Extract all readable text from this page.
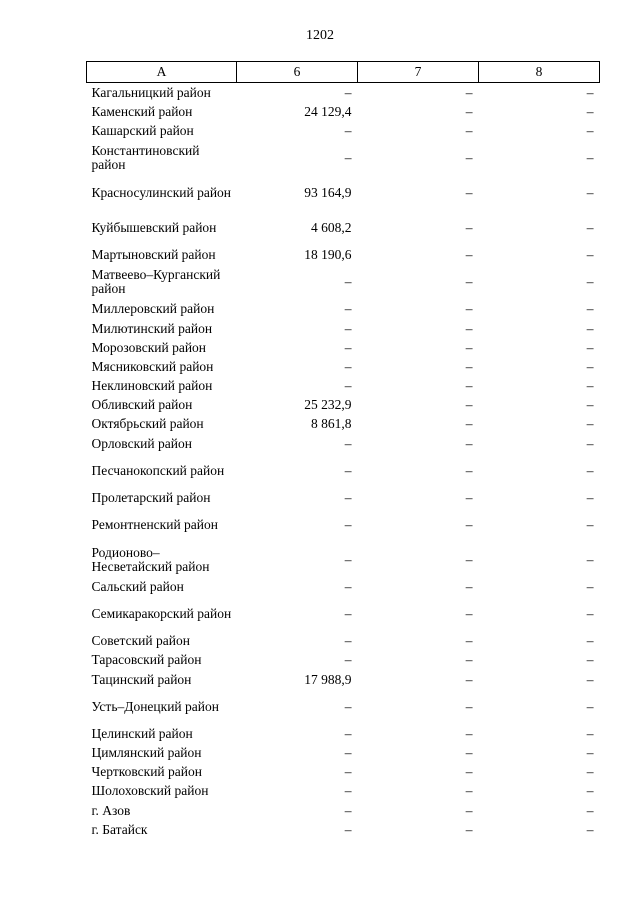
1202
А	6	7	8
Кагальницкий район	–	–	–
Каменский район	24 129,4	–	–
Кашарский район	–	–	–
Константиновский район	–	–	–
Красносулинский район	93 164,9	–	–
Куйбышевский район	4 608,2	–	–
Мартыновский район	18 190,6	–	–
Матвеево–Курганский район	–	–	–
Миллеровский район	–	–	–
Милютинский район	–	–	–
Морозовский район	–	–	–
Мясниковский район	–	–	–
Неклиновский район	–	–	–
Обливский район	25 232,9	–	–
Октябрьский район	8 861,8	–	–
Орловский район	–	–	–
Песчанокопский район	–	–	–
Пролетарский район	–	–	–
Ремонтненский район	–	–	–
Родионово–Несветайский район	–	–	–
Сальский район	–	–	–
Семикаракорский район	–	–	–
Советский район	–	–	–
Тарасовский район	–	–	–
Тацинский район	17 988,9	–	–
Усть–Донецкий район	–	–	–
Целинский район	–	–	–
Цимлянский район	–	–	–
Чертковский район	–	–	–
Шолоховский район	–	–	–
г. Азов	–	–	–
г. Батайск	–	–	–
